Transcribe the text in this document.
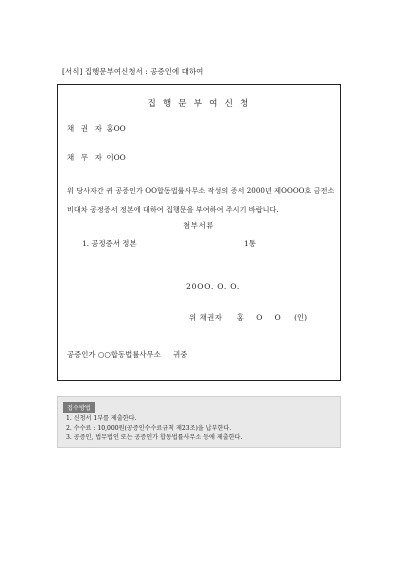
[서식] 집행문부여신청서 : 공증인에 대하여
집 행 문 부 여 신 청
채 권 자 홍OO
채 무 자 이OO
위 당사자간 귀 공증인가 OO합동법률사무소 작성의 증서 2000년 제OOOO호 금전소비대차 공정증서 정본에 대하여 집행문을 부여하여 주시기 바랍니다.
첨부서류
1. 공정증서 정본	1통
20OO. O. O.
위 채권자 홍 O O (인)
공증인가 ○○합동법률사무소 귀중
접수방법
1. 신청서 1부를 제출한다.
2. 수수료 : 10,000원(공증인수수료규칙 제23조)을 납부한다.
3. 공증인, 법무법인 또는 공증인가 합동법률사무소 등에 제출한다.
